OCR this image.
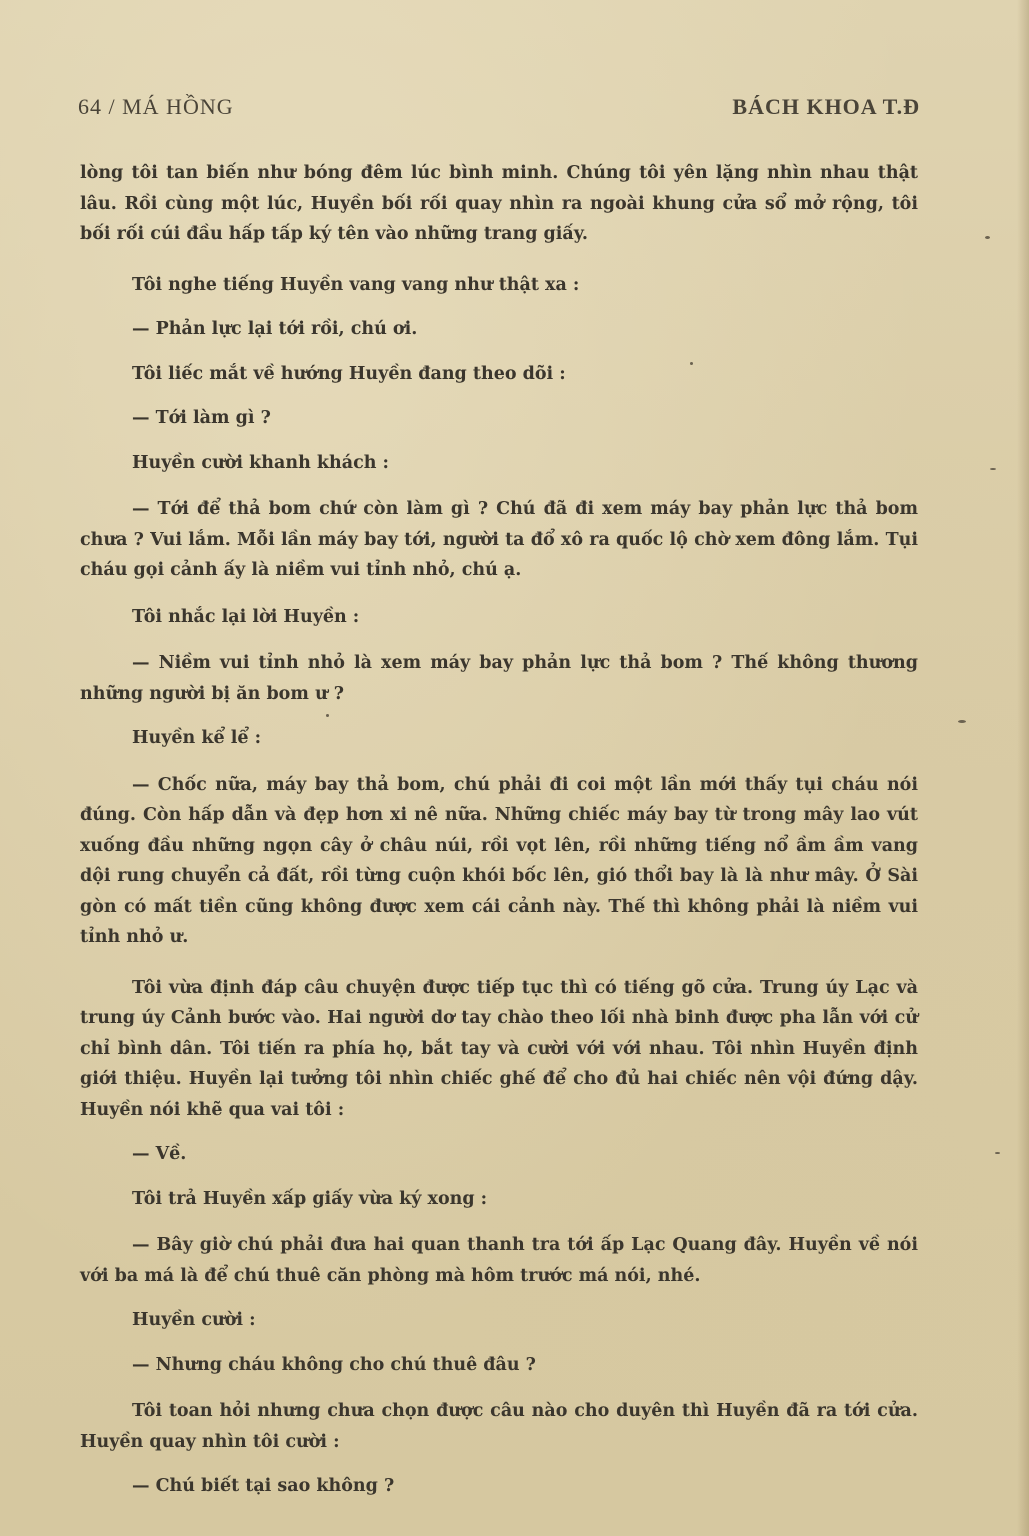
64 / MÁ HỒNG	BÁCH KHOA T.Đ

lòng tôi tan biến như bóng đêm lúc bình minh. Chúng tôi yên lặng nhìn nhau thật lâu. Rồi cùng một lúc, Huyền bối rối quay nhìn ra ngoài khung cửa sổ mở rộng, tôi bối rối cúi đầu hấp tấp ký tên vào những trang giấy.

Tôi nghe tiếng Huyền vang vang như thật xa :

— Phản lực lại tới rồi, chú ơi.

Tôi liếc mắt về hướng Huyền đang theo dõi :

— Tới làm gì ?

Huyền cười khanh khách :

— Tới để thả bom chứ còn làm gì ? Chú đã đi xem máy bay phản lực thả bom chưa ? Vui lắm. Mỗi lần máy bay tới, người ta đổ xô ra quốc lộ chờ xem đông lắm. Tụi cháu gọi cảnh ấy là niềm vui tỉnh nhỏ, chú ạ.

Tôi nhắc lại lời Huyền :

— Niềm vui tỉnh nhỏ là xem máy bay phản lực thả bom ? Thế không thương những người bị ăn bom ư ?

Huyền kể lể :

— Chốc nữa, máy bay thả bom, chú phải đi coi một lần mới thấy tụi cháu nói đúng. Còn hấp dẫn và đẹp hơn xi nê nữa. Những chiếc máy bay từ trong mây lao vút xuống đầu những ngọn cây ở châu núi, rồi vọt lên, rồi những tiếng nổ ầm ầm vang dội rung chuyển cả đất, rồi từng cuộn khói bốc lên, gió thổi bay là là như mây. Ở Sài gòn có mất tiền cũng không được xem cái cảnh này. Thế thì không phải là niềm vui tỉnh nhỏ ư.

Tôi vừa định đáp câu chuyện được tiếp tục thì có tiếng gõ cửa. Trung úy Lạc và trung úy Cảnh bước vào. Hai người dơ tay chào theo lối nhà binh được pha lẫn với cử chỉ bình dân. Tôi tiến ra phía họ, bắt tay và cười với với nhau. Tôi nhìn Huyền định giới thiệu. Huyền lại tưởng tôi nhìn chiếc ghế để cho đủ hai chiếc nên vội đứng dậy. Huyền nói khẽ qua vai tôi :

— Về.

Tôi trả Huyền xấp giấy vừa ký xong :

— Bây giờ chú phải đưa hai quan thanh tra tới ấp Lạc Quang đây. Huyền về nói với ba má là để chú thuê căn phòng mà hôm trước má nói, nhé.

Huyền cười :

— Nhưng cháu không cho chú thuê đâu ?

Tôi toan hỏi nhưng chưa chọn được câu nào cho duyên thì Huyền đã ra tới cửa. Huyền quay nhìn tôi cười :

— Chú biết tại sao không ?
